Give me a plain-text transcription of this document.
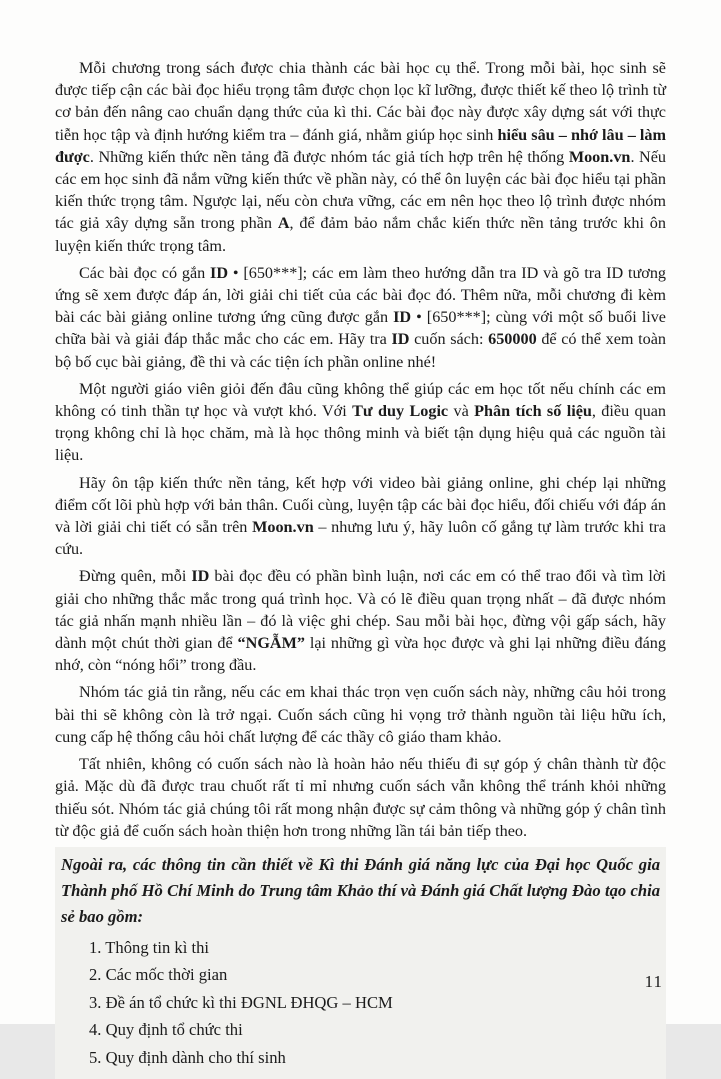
Mỗi chương trong sách được chia thành các bài học cụ thể. Trong mỗi bài, học sinh sẽ được tiếp cận các bài đọc hiểu trọng tâm được chọn lọc kĩ lưỡng, được thiết kế theo lộ trình từ cơ bản đến nâng cao chuẩn dạng thức của kì thi. Các bài đọc này được xây dựng sát với thực tiễn học tập và định hướng kiểm tra – đánh giá, nhằm giúp học sinh hiểu sâu – nhớ lâu – làm được. Những kiến thức nền tảng đã được nhóm tác giả tích hợp trên hệ thống Moon.vn. Nếu các em học sinh đã nắm vững kiến thức về phần này, có thể ôn luyện các bài đọc hiểu tại phần kiến thức trọng tâm. Ngược lại, nếu còn chưa vững, các em nên học theo lộ trình được nhóm tác giả xây dựng sẵn trong phần A, để đảm bảo nắm chắc kiến thức nền tảng trước khi ôn luyện kiến thức trọng tâm.

Các bài đọc có gắn ID • [650***]; các em làm theo hướng dẫn tra ID và gõ tra ID tương ứng sẽ xem được đáp án, lời giải chi tiết của các bài đọc đó. Thêm nữa, mỗi chương đi kèm bài các bài giảng online tương ứng cũng được gắn ID • [650***]; cùng với một số buổi live chữa bài và giải đáp thắc mắc cho các em. Hãy tra ID cuốn sách: 650000 để có thể xem toàn bộ bố cục bài giảng, đề thi và các tiện ích phần online nhé!

Một người giáo viên giỏi đến đâu cũng không thể giúp các em học tốt nếu chính các em không có tinh thần tự học và vượt khó. Với Tư duy Logic và Phân tích số liệu, điều quan trọng không chỉ là học chăm, mà là học thông minh và biết tận dụng hiệu quả các nguồn tài liệu.

Hãy ôn tập kiến thức nền tảng, kết hợp với video bài giảng online, ghi chép lại những điểm cốt lõi phù hợp với bản thân. Cuối cùng, luyện tập các bài đọc hiểu, đối chiếu với đáp án và lời giải chi tiết có sẵn trên Moon.vn – nhưng lưu ý, hãy luôn cố gắng tự làm trước khi tra cứu.

Đừng quên, mỗi ID bài đọc đều có phần bình luận, nơi các em có thể trao đổi và tìm lời giải cho những thắc mắc trong quá trình học. Và có lẽ điều quan trọng nhất – đã được nhóm tác giả nhấn mạnh nhiều lần – đó là việc ghi chép. Sau mỗi bài học, đừng vội gấp sách, hãy dành một chút thời gian để “NGẪM” lại những gì vừa học được và ghi lại những điều đáng nhớ, còn “nóng hổi” trong đầu.

Nhóm tác giả tin rằng, nếu các em khai thác trọn vẹn cuốn sách này, những câu hỏi trong bài thi sẽ không còn là trở ngại. Cuốn sách cũng hi vọng trở thành nguồn tài liệu hữu ích, cung cấp hệ thống câu hỏi chất lượng để các thầy cô giáo tham khảo.

Tất nhiên, không có cuốn sách nào là hoàn hảo nếu thiếu đi sự góp ý chân thành từ độc giả. Mặc dù đã được trau chuốt rất tỉ mỉ nhưng cuốn sách vẫn không thể tránh khỏi những thiếu sót. Nhóm tác giả chúng tôi rất mong nhận được sự cảm thông và những góp ý chân tình từ độc giả để cuốn sách hoàn thiện hơn trong những lần tái bản tiếp theo.

Ngoài ra, các thông tin cần thiết về Kì thi Đánh giá năng lực của Đại học Quốc gia Thành phố Hồ Chí Minh do Trung tâm Khảo thí và Đánh giá Chất lượng Đào tạo chia sẻ bao gồm:

1. Thông tin kì thi
2. Các mốc thời gian
3. Đề án tổ chức kì thi ĐGNL ĐHQG – HCM
4. Quy định tổ chức thi
5. Quy định dành cho thí sinh
11
